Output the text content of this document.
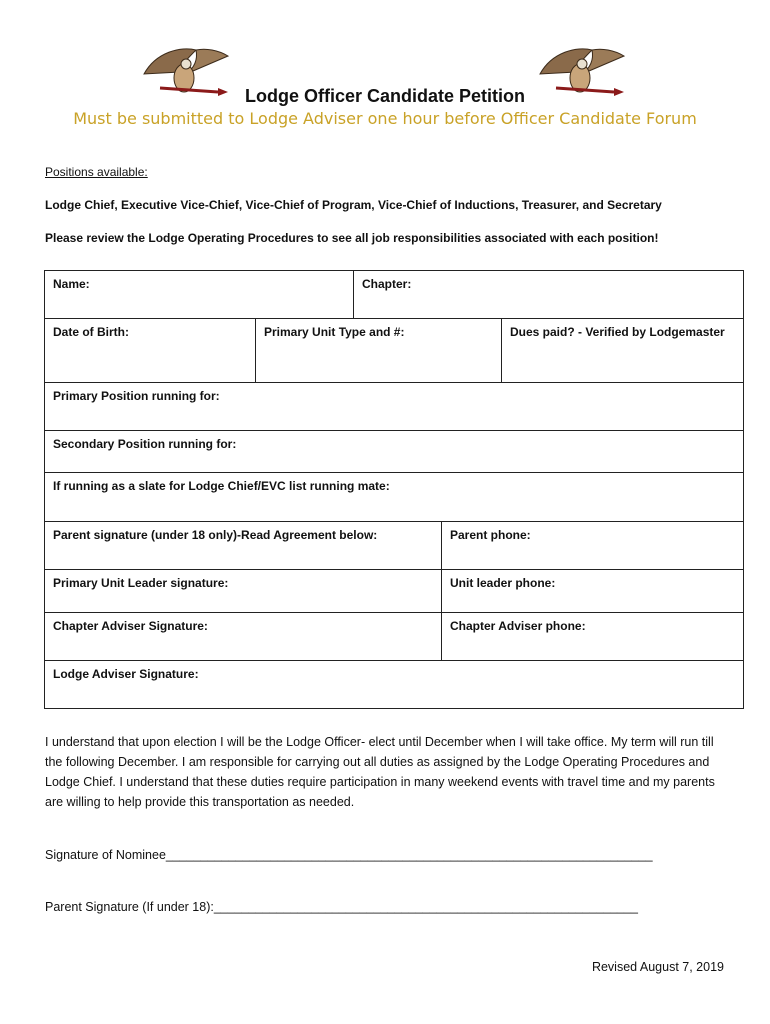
Lodge Officer Candidate Petition
Must be submitted to Lodge Adviser one hour before Officer Candidate Forum
Positions available:
Lodge Chief, Executive Vice-Chief, Vice-Chief of Program, Vice-Chief of Inductions, Treasurer, and Secretary
Please review the Lodge Operating Procedures to see all job responsibilities associated with each position!
Name:	Chapter:
Date of Birth:	Primary Unit Type and #:	Dues paid? - Verified by Lodgemaster
Primary Position running for:
Secondary Position running for:
If running as a slate for Lodge Chief/EVC list running mate:
Parent signature (under 18 only)-Read Agreement below:	Parent phone:
Primary Unit Leader signature:	Unit leader phone:
Chapter Adviser Signature:	Chapter Adviser phone:
Lodge Adviser Signature:
I understand that upon election I will be the Lodge Officer- elect until December when I will take office. My term will run till the following December. I am responsible for carrying out all duties as assigned by the Lodge Operating Procedures and Lodge Chief. I understand that these duties require participation in many weekend events with travel time and my parents are willing to help provide this transportation as needed.
Signature of Nominee______________________________________________________________________
Parent Signature (If under 18):_____________________________________________________________
Revised August 7, 2019
